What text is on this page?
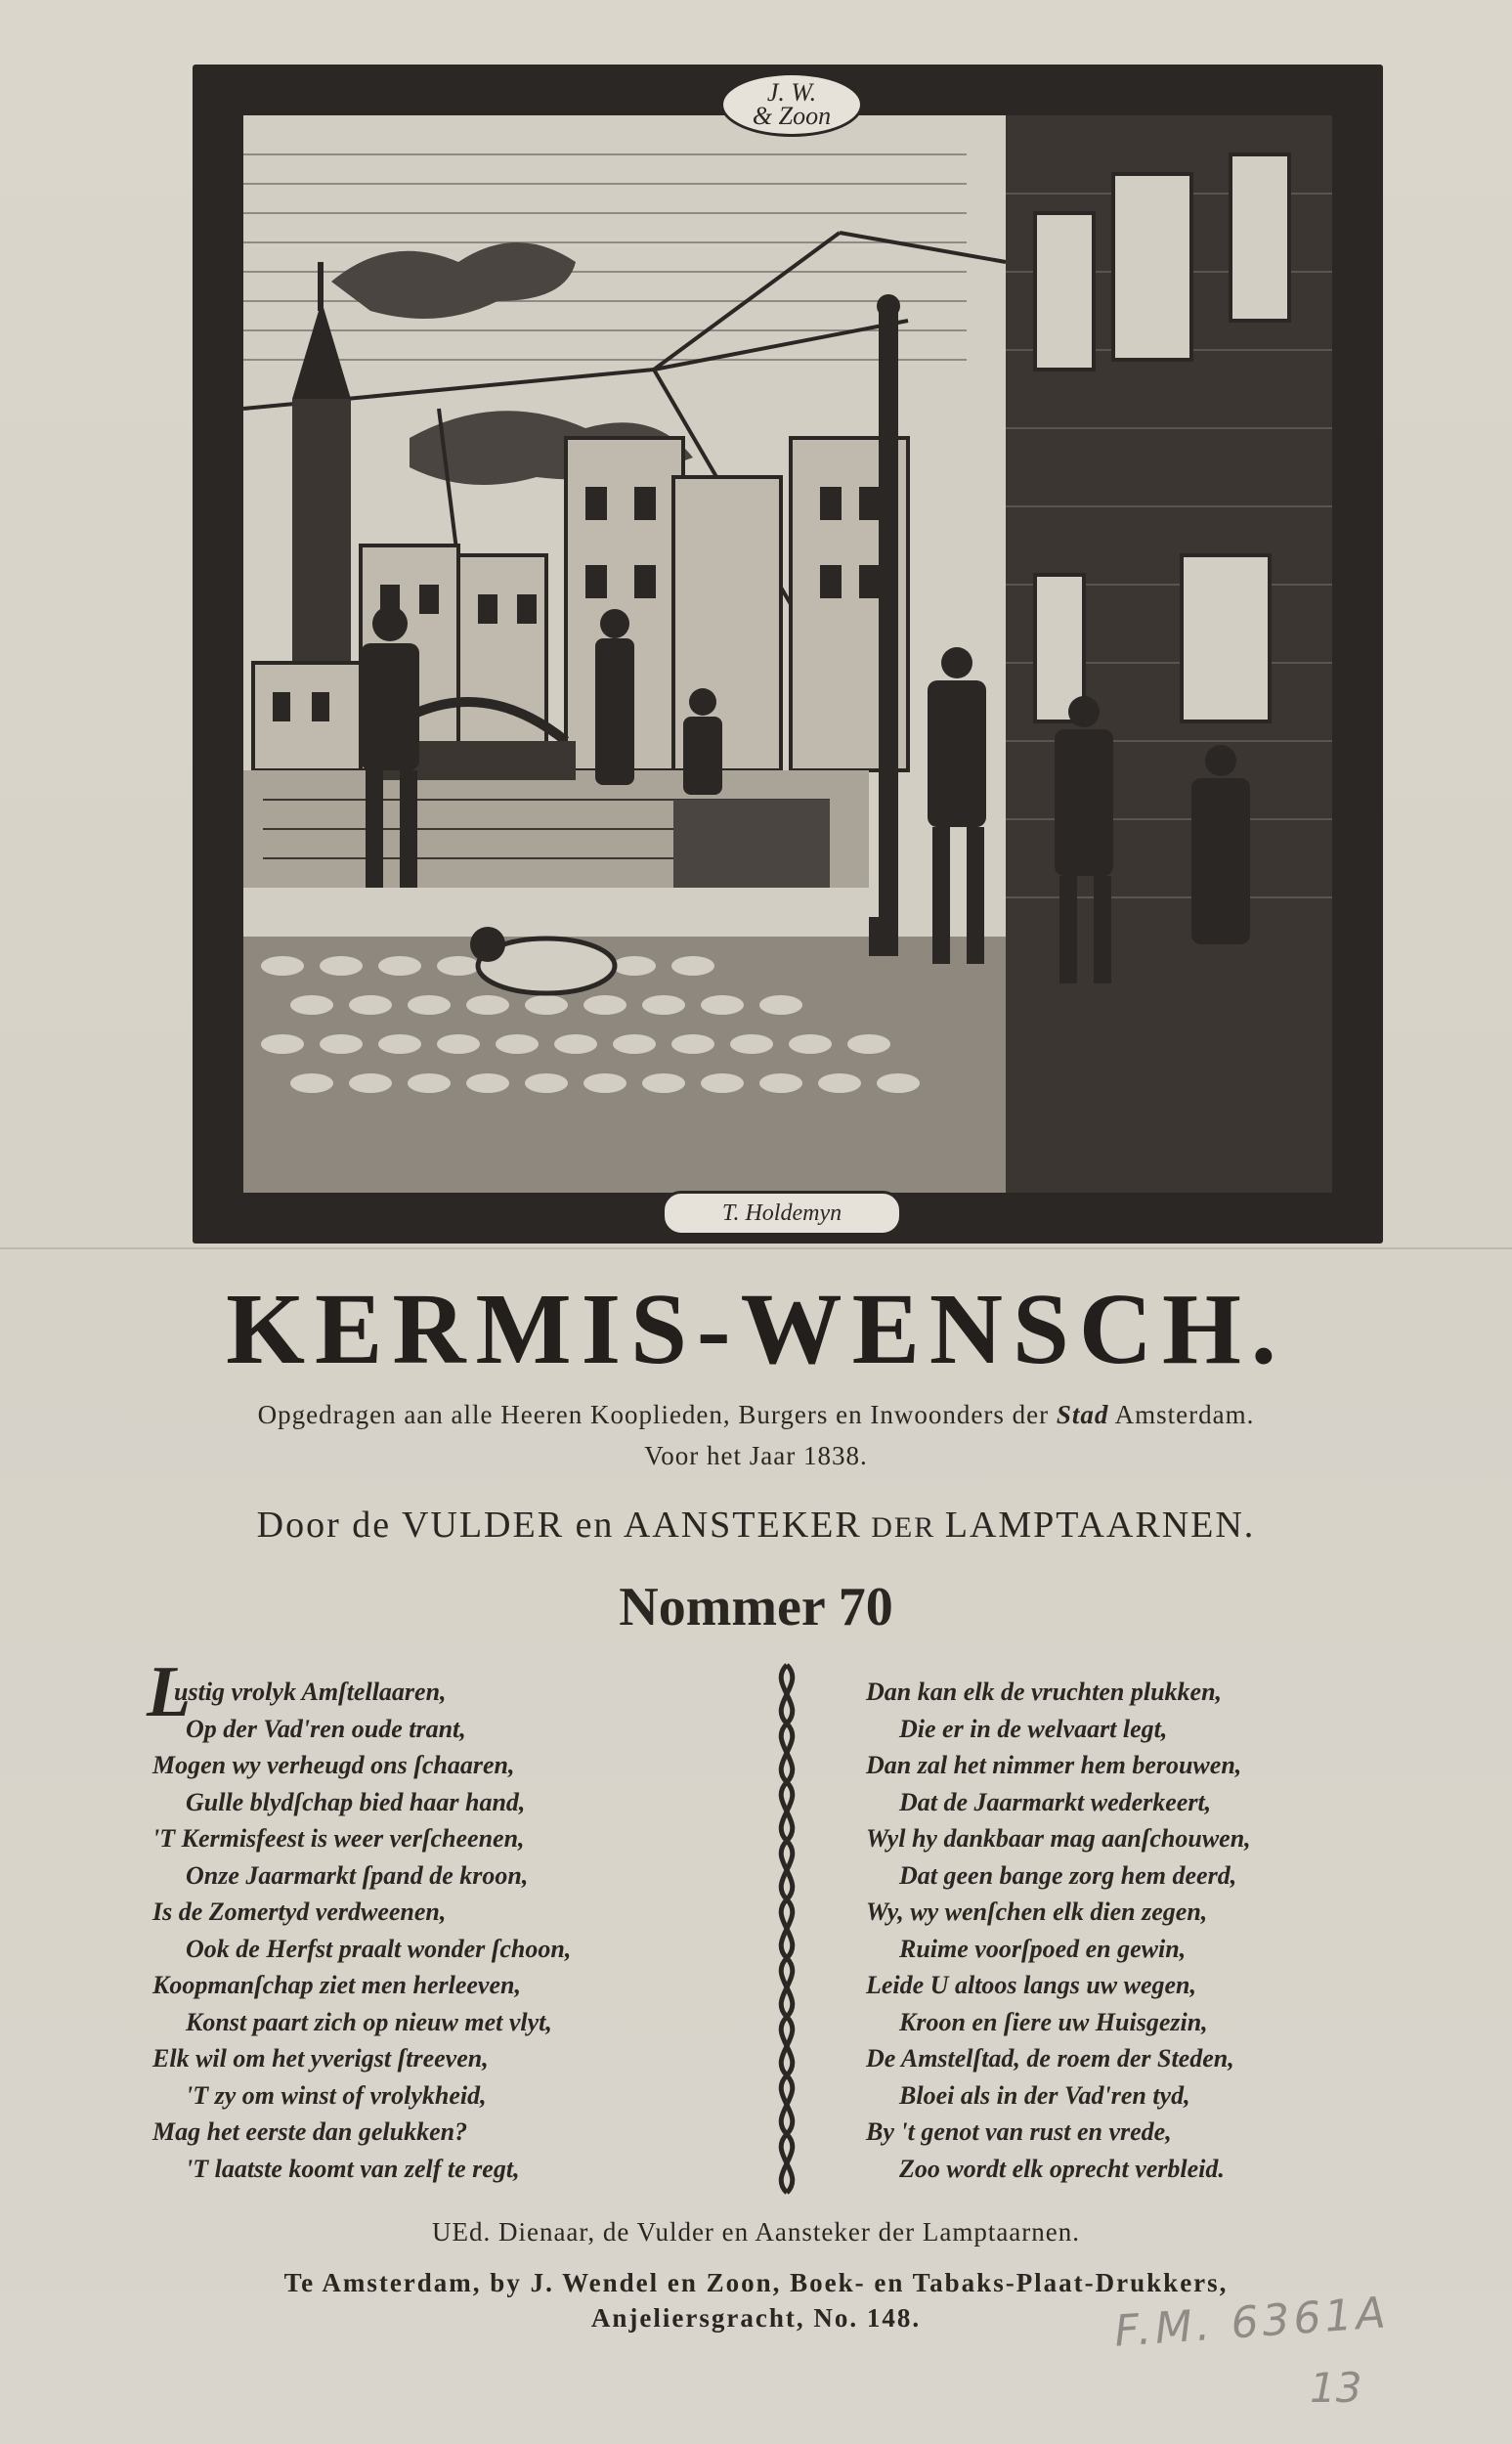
J. W.
& Zoon
T. Holdemyn
KERMIS-WENSCH.
Opgedragen aan alle Heeren Kooplieden, Burgers en Inwoonders der Stad Amsterdam.
Voor het Jaar 1838.
Door de VULDER en AANSTEKER DER LAMPTAARNEN.
Nommer 70
L
ustig vrolyk Amſtellaaren,
Op der Vad'ren oude trant,
Mogen wy verheugd ons ſchaaren,
Gulle blydſchap bied haar hand,
'T Kermisfeest is weer verſcheenen,
Onze Jaarmarkt ſpand de kroon,
Is de Zomertyd verdweenen,
Ook de Herfst praalt wonder ſchoon,
Koopmanſchap ziet men herleeven,
Konst paart zich op nieuw met vlyt,
Elk wil om het yverigst ſtreeven,
'T zy om winst of vrolykheid,
Mag het eerste dan gelukken?
'T laatste koomt van zelf te regt,
Dan kan elk de vruchten plukken,
Die er in de welvaart legt,
Dan zal het nimmer hem berouwen,
Dat de Jaarmarkt wederkeert,
Wyl hy dankbaar mag aanſchouwen,
Dat geen bange zorg hem deerd,
Wy, wy wenſchen elk dien zegen,
Ruime voorſpoed en gewin,
Leide U altoos langs uw wegen,
Kroon en ſiere uw Huisgezin,
De Amstelſtad, de roem der Steden,
Bloei als in der Vad'ren tyd,
By 't genot van rust en vrede,
Zoo wordt elk oprecht verbleid.
UEd. Dienaar, de Vulder en Aansteker der Lamptaarnen.
Te Amsterdam, by J. Wendel en Zoon, Boek- en Tabaks-Plaat-Drukkers,
Anjeliersgracht, No. 148.	F.M. 6361A
13
